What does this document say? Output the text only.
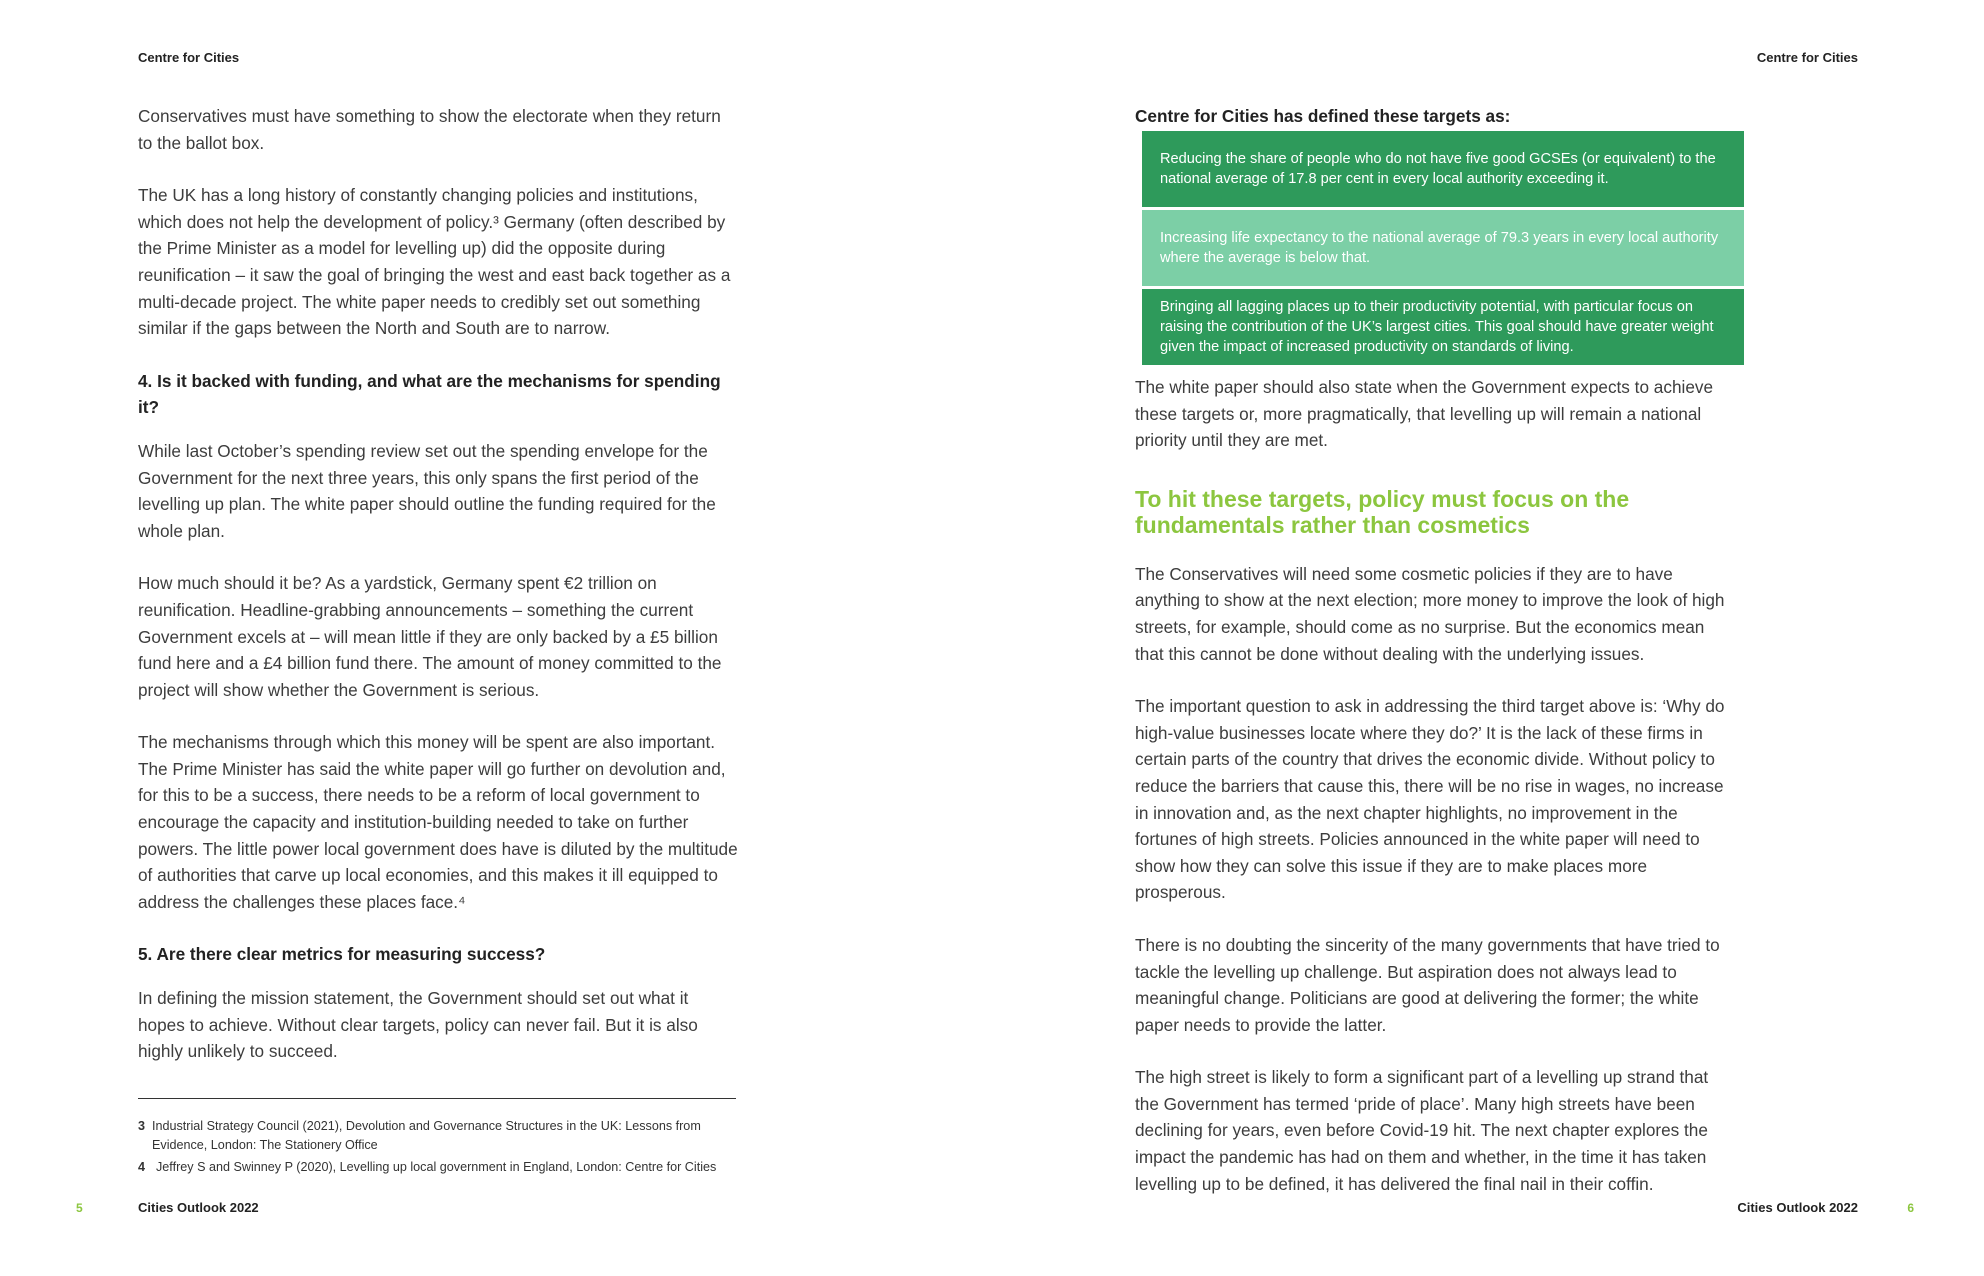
Centre for Cities	Centre for Cities

Conservatives must have something to show the electorate when they return to the ballot box.

The UK has a long history of constantly changing policies and institutions, which does not help the development of policy.³ Germany (often described by the Prime Minister as a model for levelling up) did the opposite during reunification – it saw the goal of bringing the west and east back together as a multi-decade project. The white paper needs to credibly set out something similar if the gaps between the North and South are to narrow.

4. Is it backed with funding, and what are the mechanisms for spending it?

While last October’s spending review set out the spending envelope for the Government for the next three years, this only spans the first period of the levelling up plan. The white paper should outline the funding required for the whole plan.

How much should it be? As a yardstick, Germany spent €2 trillion on reunification. Headline-grabbing announcements – something the current Government excels at – will mean little if they are only backed by a £5 billion fund here and a £4 billion fund there. The amount of money committed to the project will show whether the Government is serious.

The mechanisms through which this money will be spent are also important. The Prime Minister has said the white paper will go further on devolution and, for this to be a success, there needs to be a reform of local government to encourage the capacity and institution-building needed to take on further powers. The little power local government does have is diluted by the multitude of authorities that carve up local economies, and this makes it ill equipped to address the challenges these places face.⁴

5. Are there clear metrics for measuring success?

In defining the mission statement, the Government should set out what it hopes to achieve. Without clear targets, policy can never fail. But it is also highly unlikely to succeed.

3 Industrial Strategy Council (2021), Devolution and Governance Structures in the UK: Lessons from Evidence, London: The Stationery Office
4 Jeffrey S and Swinney P (2020), Levelling up local government in England, London: Centre for Cities
Centre for Cities has defined these targets as:
Reducing the share of people who do not have five good GCSEs (or equivalent) to the national average of 17.8 per cent in every local authority exceeding it.
Increasing life expectancy to the national average of 79.3 years in every local authority where the average is below that.
Bringing all lagging places up to their productivity potential, with particular focus on raising the contribution of the UK’s largest cities. This goal should have greater weight given the impact of increased productivity on standards of living.

The white paper should also state when the Government expects to achieve these targets or, more pragmatically, that levelling up will remain a national priority until they are met.

To hit these targets, policy must focus on the fundamentals rather than cosmetics

The Conservatives will need some cosmetic policies if they are to have anything to show at the next election; more money to improve the look of high streets, for example, should come as no surprise. But the economics mean that this cannot be done without dealing with the underlying issues.

The important question to ask in addressing the third target above is: ‘Why do high-value businesses locate where they do?’ It is the lack of these firms in certain parts of the country that drives the economic divide. Without policy to reduce the barriers that cause this, there will be no rise in wages, no increase in innovation and, as the next chapter highlights, no improvement in the fortunes of high streets. Policies announced in the white paper will need to show how they can solve this issue if they are to make places more prosperous.

There is no doubting the sincerity of the many governments that have tried to tackle the levelling up challenge. But aspiration does not always lead to meaningful change. Politicians are good at delivering the former; the white paper needs to provide the latter.

The high street is likely to form a significant part of a levelling up strand that the Government has termed ‘pride of place’. Many high streets have been declining for years, even before Covid-19 hit. The next chapter explores the impact the pandemic has had on them and whether, in the time it has taken levelling up to be defined, it has delivered the final nail in their coffin.

5	Cities Outlook 2022	Cities Outlook 2022	6
